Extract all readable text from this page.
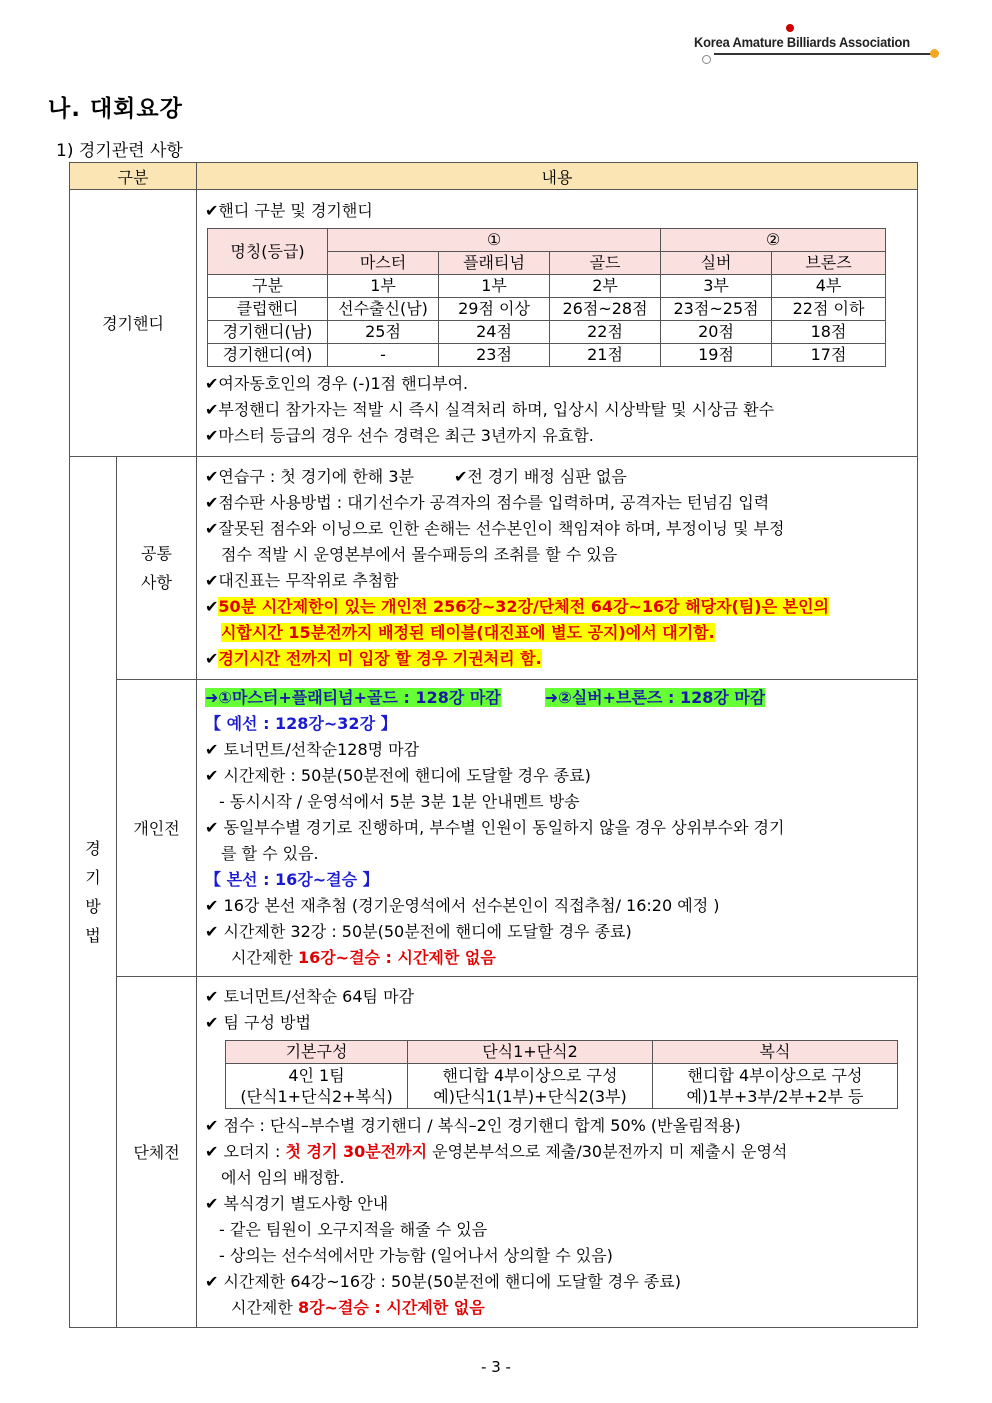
Korea Amature Billiards Association
나. 대회요강
1) 경기관련 사항
구분	내용
경기핸디	
✔핸디 구분 및 경기핸디
명칭(등급)	①	②
마스터	플래티넘	골드	실버	브론즈
구분	1부	1부	2부	3부	4부
클럽핸디	선수출신(남)	29점 이상	26점~28점	23점~25점	22점 이하
경기핸디(남)	25점	24점	22점	20점	18점
경기핸디(여)	-	23점	21점	19점	17점
✔여자동호인의 경우 (-)1점 핸디부여.
✔부정핸디 참가자는 적발 시 즉시 실격처리 하며, 입상시 시상박탈 및 시상금 환수
✔마스터 등급의 경우 선수 경력은 최근 3년까지 유효함.

경
기
방
법

공통
사항

✔연습구 : 첫 경기에 한해 3분	✔전 경기 배정 심판 없음
✔점수판 사용방법 : 대기선수가 공격자의 점수를 입력하며, 공격자는 턴넘김 입력
✔잘못된 점수와 이닝으로 인한 손해는 선수본인이 책임져야 하며, 부정이닝 및 부정
점수 적발 시 운영본부에서 몰수패등의 조취를 할 수 있음
✔대진표는 무작위로 추첨함
✔50분 시간제한이 있는 개인전 256강~32강/단체전 64강~16강 해당자(팀)은 본인의
시합시간 15분전까지 배정된 테이블(대진표에 별도 공지)에서 대기함.
✔경기시간 전까지 미 입장 할 경우 기권처리 함.

개인전	
➜①마스터+플래티넘+골드 : 128강 마감	➜②실버+브론즈 : 128강 마감
【 예선 : 128강~32강 】
✔ 토너먼트/선착순128명 마감
✔ 시간제한 : 50분(50분전에 핸디에 도달할 경우 종료)
- 동시시작 / 운영석에서 5분 3분 1분 안내멘트 방송
✔ 동일부수별 경기로 진행하며, 부수별 인원이 동일하지 않을 경우 상위부수와 경기
를 할 수 있음.
【 본선 : 16강~결승 】
✔ 16강 본선 재추첨 (경기운영석에서 선수본인이 직접추첨/ 16:20 예정 )
✔ 시간제한 32강 : 50분(50분전에 핸디에 도달할 경우 종료)
시간제한 16강~결승 : 시간제한 없음

단체전	
✔ 토너먼트/선착순 64팀 마감
✔ 팀 구성 방법
기본구성	단식1+단식2	복식

4인 1팀
(단식1+단식2+복식)

핸디합 4부이상으로 구성
예)단식1(1부)+단식2(3부)

핸디합 4부이상으로 구성
예)1부+3부/2부+2부 등
✔ 점수 : 단식–부수별 경기핸디 / 복식–2인 경기핸디 합계 50% (반올림적용)
✔ 오더지 : 첫 경기 30분전까지 운영본부석으로 제출/30분전까지 미 제출시 운영석
에서 임의 배정함.
✔ 복식경기 별도사항 안내
- 같은 팀원이 오구지적을 해줄 수 있음
- 상의는 선수석에서만 가능함 (일어나서 상의할 수 있음)
✔ 시간제한 64강~16강 : 50분(50분전에 핸디에 도달할 경우 종료)
시간제한 8강~결승 : 시간제한 없음
- 3 -
